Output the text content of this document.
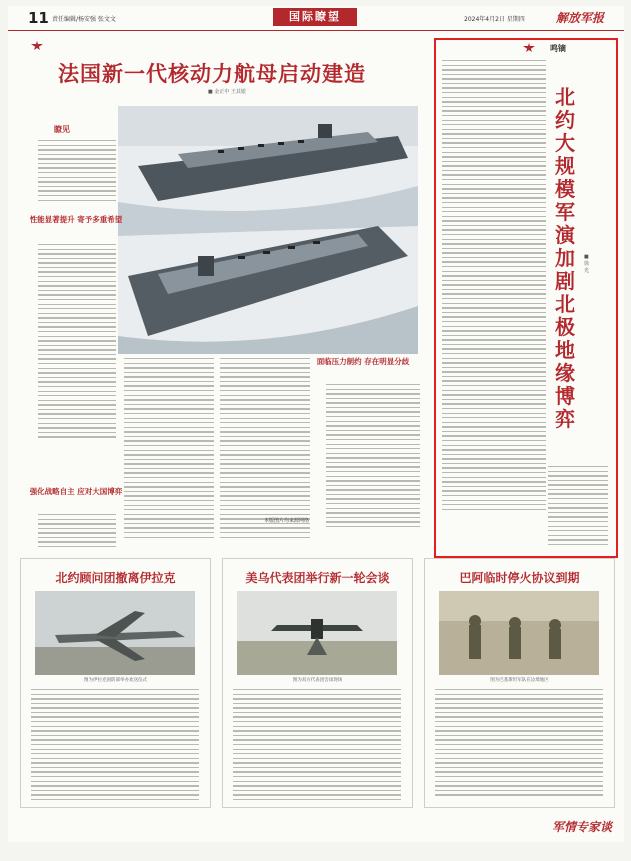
11 责任编辑/杨安强 张文文	国际瞭望	2024年4月2日 星期四	解放军报
法国新一代核动力航母启动建造
■ 金正中 王其银
瞭见
性能显著提升 寄予多重希望
强化战略自主 应对大国博弈
面临压力制约 存在明显分歧
本版图片均来源网络
鸣镝
北约大规模军演加剧北极地缘博弈
■徐光
北约顾问团撤离伊拉克
图为伊拉克国防部举办欢送仪式
美乌代表团举行新一轮会谈
图为双方代表团会谈现场
巴阿临时停火协议到期
图为巴基斯坦军队在边境地区
军情专家谈
